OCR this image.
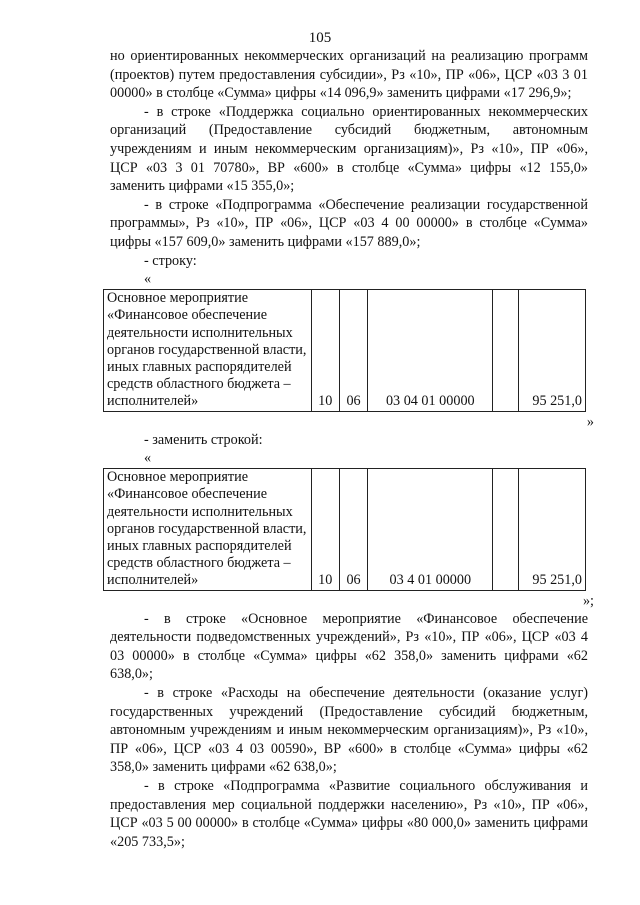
105

но ориентированных некоммерческих организаций на реализацию программ (проектов) путем предоставления субсидии», Рз «10», ПР «06», ЦСР «03 3 01 00000» в столбце «Сумма» цифры «14 096,9» заменить цифрами «17 296,9»;

- в строке «Поддержка социально ориентированных некоммерческих организаций (Предоставление субсидий бюджетным, автономным учреждениям и иным некоммерческим организациям)», Рз «10», ПР «06», ЦСР «03 3 01 70780», ВР «600» в столбце «Сумма» цифры «12 155,0» заменить цифрами «15 355,0»;

- в строке «Подпрограмма «Обеспечение реализации государственной программы», Рз «10», ПР «06», ЦСР «03 4 00 00000» в столбце «Сумма» цифры «157 609,0» заменить цифрами «157 889,0»;

- строку:

«
Основное мероприятие «Финансовое обеспечение деятельности исполнительных органов государственной власти, иных главных распорядителей средств областного бюджета – исполнителей»	10	06	03 04 01 00000		95 251,0
»

- заменить строкой:

«
Основное мероприятие «Финансовое обеспечение деятельности исполнительных органов государственной власти, иных главных распорядителей средств областного бюджета – исполнителей»	10	06	03 4 01 00000		95 251,0
»;

- в строке «Основное мероприятие «Финансовое обеспечение деятельности подведомственных учреждений», Рз «10», ПР «06», ЦСР «03 4 03 00000» в столбце «Сумма» цифры «62 358,0» заменить цифрами «62 638,0»;

- в строке «Расходы на обеспечение деятельности (оказание услуг) государственных учреждений (Предоставление субсидий бюджетным, автономным учреждениям и иным некоммерческим организациям)», Рз «10», ПР «06», ЦСР «03 4 03 00590», ВР «600» в столбце «Сумма» цифры «62 358,0» заменить цифрами «62 638,0»;

- в строке «Подпрограмма «Развитие социального обслуживания и предоставления мер социальной поддержки населению», Рз «10», ПР «06», ЦСР «03 5 00 00000» в столбце «Сумма» цифры «80 000,0» заменить цифрами «205 733,5»;
